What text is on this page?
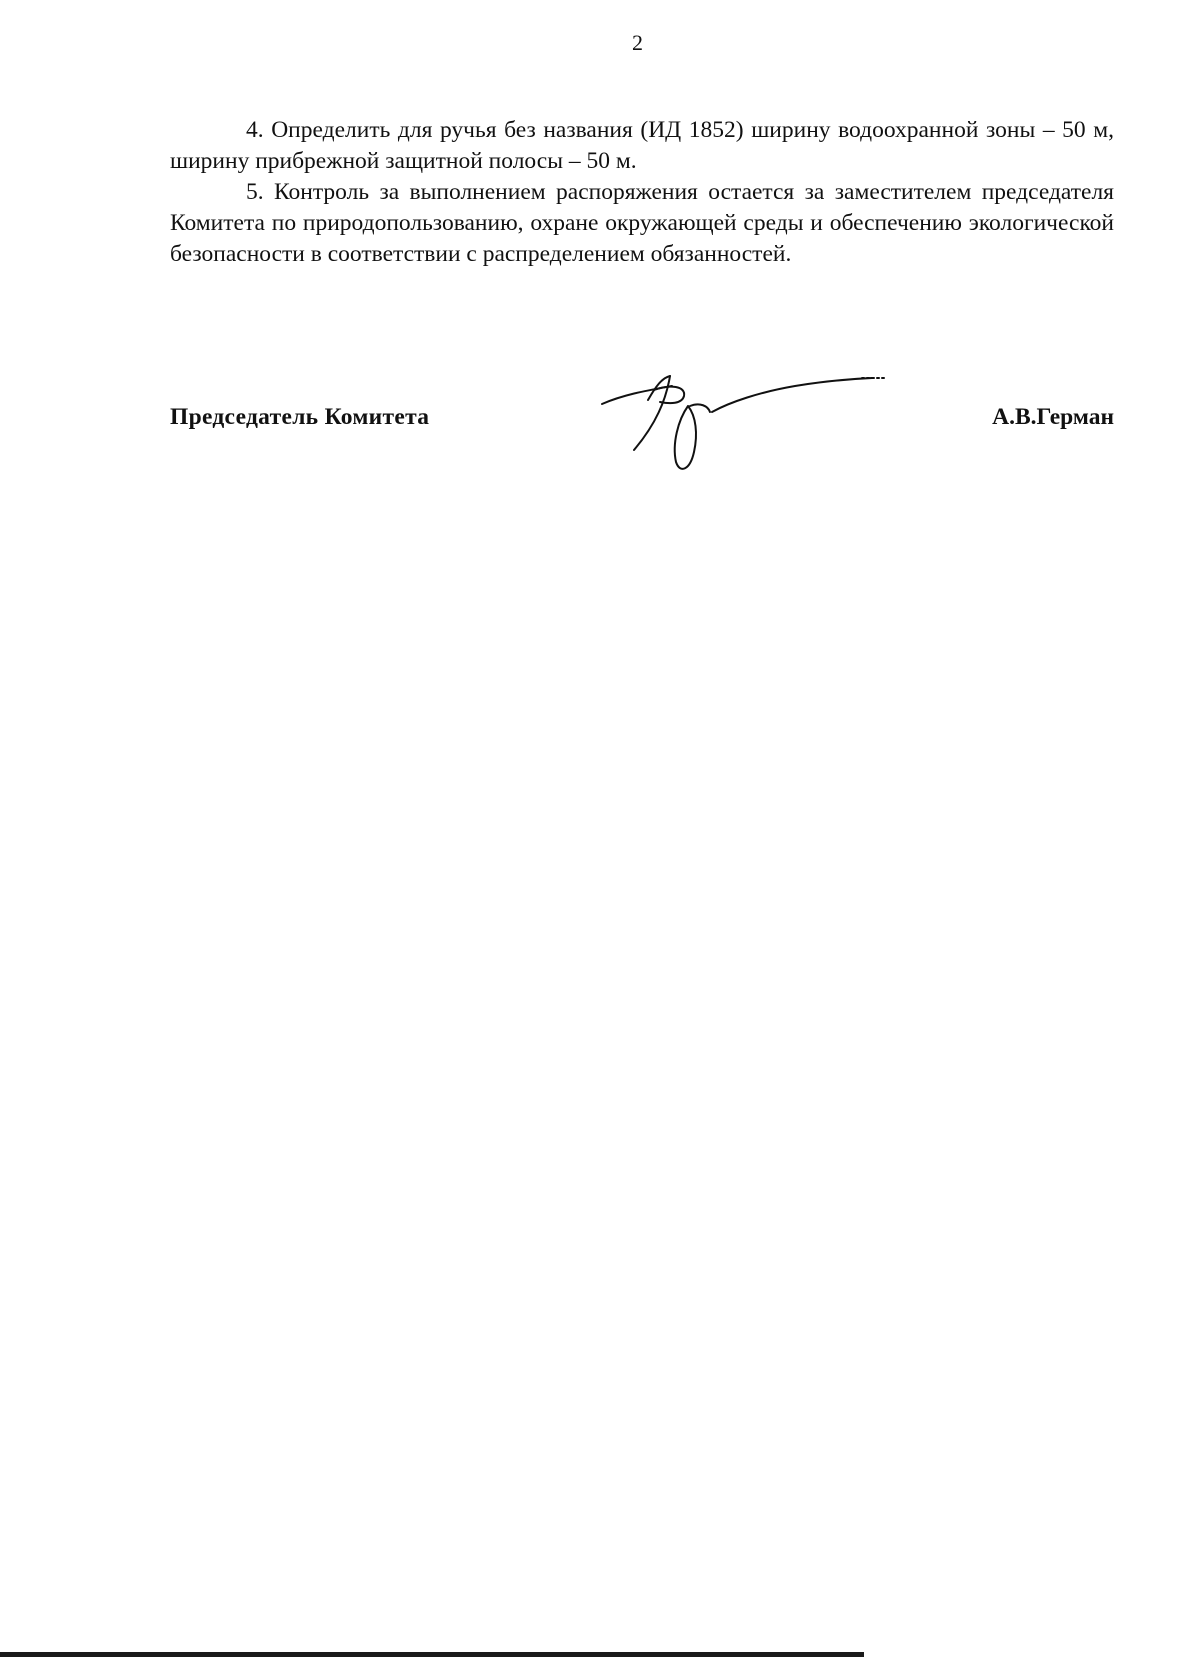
2

4. Определить для ручья без названия (ИД 1852) ширину водоохранной зоны – 50 м, ширину прибрежной защитной полосы – 50 м.

5. Контроль за выполнением распоряжения остается за заместителем председателя Комитета по природопользованию, охране окружающей среды и обеспечению экологической безопасности в соответствии с распределением обязанностей.

Председатель Комитета	А.В.Герман
